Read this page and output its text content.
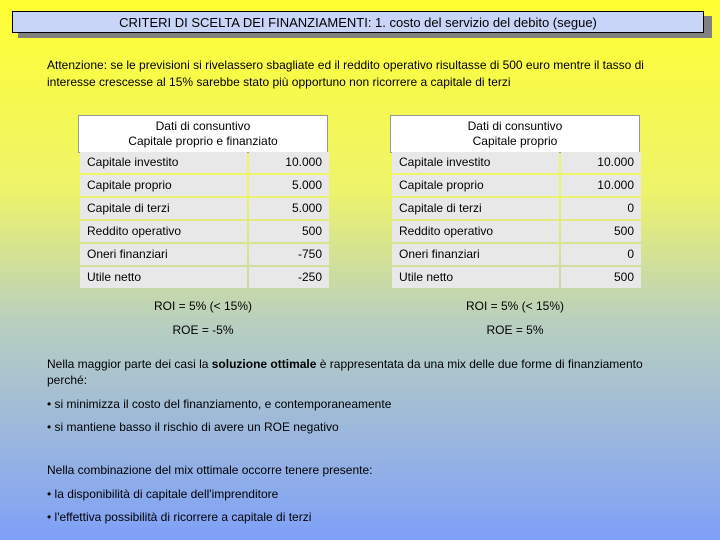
CRITERI DI SCELTA DEI FINANZIAMENTI: 1. costo del servizio del debito (segue)
Attenzione: se le previsioni si rivelassero sbagliate ed il reddito operativo risultasse di 500 euro mentre il tasso di interesse crescesse al 15% sarebbe stato più opportuno non ricorrere a capitale di terzi
Dati di consuntivo
Capitale proprio e finanziato
Capitale investito	10.000
Capitale proprio	5.000
Capitale di terzi	5.000
Reddito operativo	500
Oneri finanziari	-750
Utile netto	-250
ROI = 5% (< 15%)
ROE = -5%
Dati di consuntivo
Capitale proprio
Capitale investito	10.000
Capitale proprio	10.000
Capitale di terzi	0
Reddito operativo	500
Oneri finanziari	0
Utile netto	500
ROI = 5% (< 15%)
ROE = 5%
Nella maggior parte dei casi la soluzione ottimale è rappresentata da una mix delle due forme di finanziamento perché:
• si minimizza il costo del finanziamento, e contemporaneamente
• si mantiene basso il rischio di avere un ROE negativo
Nella combinazione del mix ottimale occorre tenere presente:
• la disponibilità di capitale dell'imprenditore
• l'effettiva possibilità di ricorrere a capitale di terzi
